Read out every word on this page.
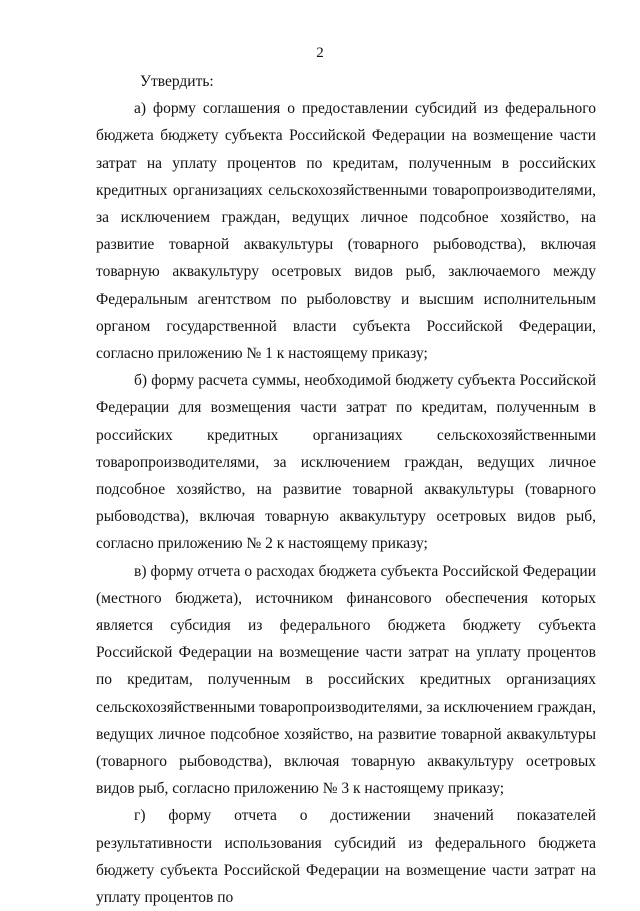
2

Утвердить:

а) форму соглашения о предоставлении субсидий из федерального бюджета бюджету субъекта Российской Федерации на возмещение части затрат на уплату процентов по кредитам, полученным в российских кредитных организациях сельскохозяйственными товаропроизводителями, за исключением граждан, ведущих личное подсобное хозяйство, на развитие товарной аквакультуры (товарного рыбоводства), включая товарную аквакультуру осетровых видов рыб, заключаемого между Федеральным агентством по рыболовству и высшим исполнительным органом государственной власти субъекта Российской Федерации, согласно приложению № 1 к настоящему приказу;

б) форму расчета суммы, необходимой бюджету субъекта Российской Федерации для возмещения части затрат по кредитам, полученным в российских кредитных организациях сельскохозяйственными товаропроизводителями, за исключением граждан, ведущих личное подсобное хозяйство, на развитие товарной аквакультуры (товарного рыбоводства), включая товарную аквакультуру осетровых видов рыб, согласно приложению № 2 к настоящему приказу;

в) форму отчета о расходах бюджета субъекта Российской Федерации (местного бюджета), источником финансового обеспечения которых является субсидия из федерального бюджета бюджету субъекта Российской Федерации на возмещение части затрат на уплату процентов по кредитам, полученным в российских кредитных организациях сельскохозяйственными товаропроизводителями, за исключением граждан, ведущих личное подсобное хозяйство, на развитие товарной аквакультуры (товарного рыбоводства), включая товарную аквакультуру осетровых видов рыб, согласно приложению № 3 к настоящему приказу;

г) форму отчета о достижении значений показателей результативности использования субсидий из федерального бюджета бюджету субъекта Российской Федерации на возмещение части затрат на уплату процентов по
